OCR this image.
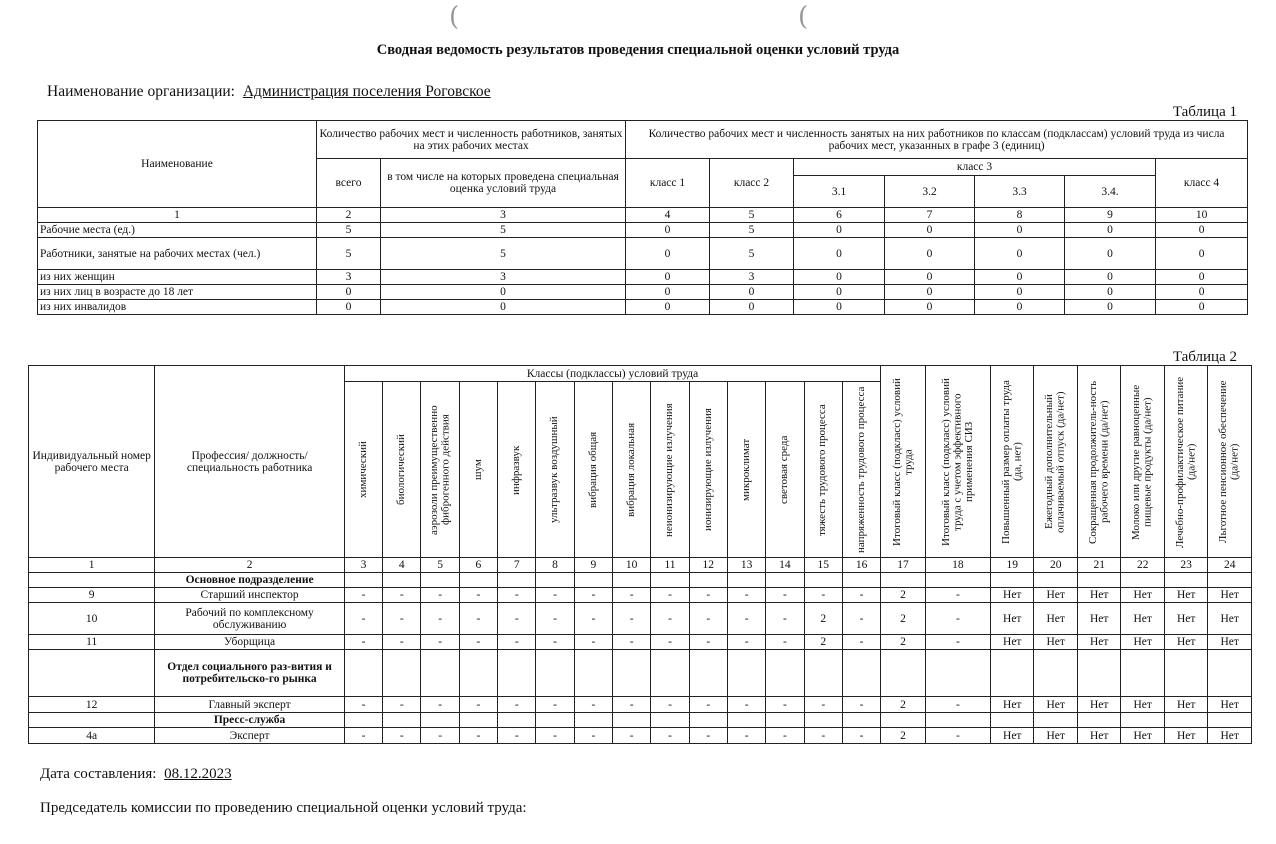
(	(
Сводная ведомость результатов проведения специальной оценки условий труда
Наименование организации: Администрация поселения Роговское
Таблица 1
Наименование	Количество рабочих мест и численность работников, занятых на этих рабочих местах		Количество рабочих мест и численность занятых на них работников по классам (подклассам) условий труда из числа рабочих мест, указанных в графе 3 (единиц)						
	всего	в том числе на которых проведена специальная оценка условий труда	класс 1	класс 2	класс 3				класс 4
					3.1	3.2	3.3	3.4.	
1	2	3	4	5	6	7	8	9	10
Рабочие места (ед.)	5	5	0	5	0	0	0	0	0
Работники, занятые на рабочих местах (чел.)	5	5	0	5	0	0	0	0	0
из них женщин	3	3	0	3	0	0	0	0	0
из них лиц в возрасте до 18 лет	0	0	0	0	0	0	0	0	0
из них инвалидов	0	0	0	0	0	0	0	0	0
Таблица 2
Индивидуальный номер рабочего места	Профессия/ должность/ специальность работника	Классы (подклассы) условий труда														Итоговый класс (подкласс) условий труда	Итоговый класс (подкласс) условий труда с учетом эффективного применения СИЗ	Повышенный размер оплаты труда (да, нет)	Ежегодный дополнительный оплачиваемый отпуск (да/нет)	Сокращенная продолжитель-ность рабочего времени (да/нет)	Молоко или другие равноценные пищевые продукты (да/нет)	Лечебно-профилактическое питание (да/нет)	Льготное пенсионное обеспечение (да/нет)

химический	биологический	аэрозоли преимущественно фиброгенного действия	шум	инфразвук	ультразвук воздушный	вибрация общая	вибрация локальная	неионизирующие излучения	ионизирующие излучения	микроклимат	световая среда	тяжесть трудового процесса	напряженность трудового процесса								

1	2	3	4	5	6	7	8	9	10	11	12	13	14	15	16	17	18	19	20	21	22	23	24
	Основное подразделение																						
9	Старший инспектор	-	-	-	-	-	-	-	-	-	-	-	-	-	-	2	-	Нет	Нет	Нет	Нет	Нет	Нет
10	Рабочий по комплексному обслуживанию	-	-	-	-	-	-	-	-	-	-	-	-	2	-	2	-	Нет	Нет	Нет	Нет	Нет	Нет
11	Уборщица	-	-	-	-	-	-	-	-	-	-	-	-	2	-	2	-	Нет	Нет	Нет	Нет	Нет	Нет
	Отдел социального раз-вития и потребительско-го рынка																						
12	Главный эксперт	-	-	-	-	-	-	-	-	-	-	-	-	-	-	2	-	Нет	Нет	Нет	Нет	Нет	Нет
	Пресс-служба																						
4а	Эксперт	-	-	-	-	-	-	-	-	-	-	-	-	-	-	2	-	Нет	Нет	Нет	Нет	Нет	Нет
Дата составления: 08.12.2023
Председатель комиссии по проведению специальной оценки условий труда:
